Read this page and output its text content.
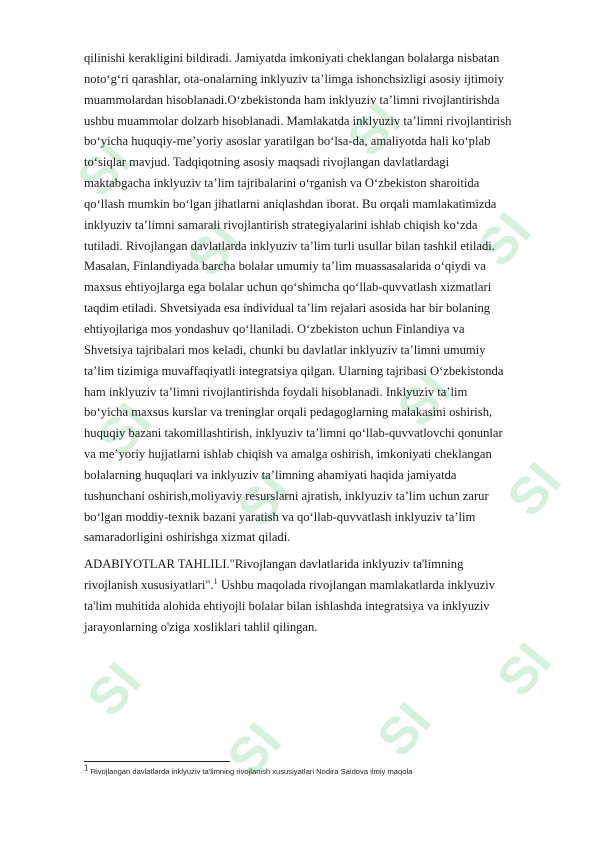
SI
SI
SI
SI
SI
SI
SI
SI
SI
SI SI
SI

qilinishi kerakligini bildiradi. Jamiyatda imkoniyati cheklangan bolalarga nisbatan noto‘g‘ri qarashlar, ota-onalarning inklyuziv ta’limga ishonchsizligi asosiy ijtimoiy muammolardan hisoblanadi.O‘zbekistonda ham inklyuziv ta’limni rivojlantirishda ushbu muammolar dolzarb hisoblanadi. Mamlakatda inklyuziv ta’limni rivojlantirish bo‘yicha huquqiy-me’yoriy asoslar yaratilgan bo‘lsa-da, amaliyotda hali ko‘plab to‘siqlar mavjud. Tadqiqotning asosiy maqsadi rivojlangan davlatlardagi maktabgacha inklyuziv ta’lim tajribalarini o‘rganish va O‘zbekiston sharoitida qo‘llash mumkin bo‘lgan jihatlarni aniqlashdan iborat. Bu orqali mamlakatimizda inklyuziv ta’limni samarali rivojlantirish strategiyalarini ishlab chiqish ko‘zda tutiladi. Rivojlangan davlatlarda inklyuziv ta’lim turli usullar bilan tashkil etiladi. Masalan, Finlandiyada barcha bolalar umumiy ta’lim muassasalarida o‘qiydi va maxsus ehtiyojlarga ega bolalar uchun qo‘shimcha qo‘llab-quvvatlash xizmatlari taqdim etiladi. Shvetsiyada esa individual ta’lim rejalari asosida har bir bolaning ehtiyojlariga mos yondashuv qo‘llaniladi. O‘zbekiston uchun Finlandiya va Shvetsiya tajribalari mos keladi, chunki bu davlatlar inklyuziv ta’limni umumiy ta’lim tizimiga muvaffaqiyatli integratsiya qilgan. Ularning tajribasi O‘zbekistonda ham inklyuziv ta’limni rivojlantirishda foydali hisoblanadi. Inklyuziv ta’lim bo‘yicha maxsus kurslar va treninglar orqali pedagoglarning malakasini oshirish, huquqiy bazani takomillashtirish, inklyuziv ta’limni qo‘llab-quvvatlovchi qonunlar va me’yoriy hujjatlarni ishlab chiqish va amalga oshirish, imkoniyati cheklangan bolalarning huquqlari va inklyuziv ta’limning ahamiyati haqida jamiyatda tushunchani oshirish,moliyaviy resurslarni ajratish, inklyuziv ta’lim uchun zarur bo‘lgan moddiy-texnik bazani yaratish va qo‘llab-quvvatlash inklyuziv ta’lim samaradorligini oshirishga xizmat qiladi.

ADABIYOTLAR TAHLILI."Rivojlangan davlatlarida inklyuziv ta'limning rivojlanish xususiyatlari".$^1$ Ushbu maqolada rivojlangan mamlakatlarda inklyuziv ta'lim muhitida alohida ehtiyojli bolalar bilan ishlashda integratsiya va inklyuziv jarayonlarning o'ziga xosliklari tahlil qilingan.

$^1$ Rivojlangan davlatlarda inklyuziv ta'limning rivojlanish xususiyatlari Nodira Saidova ilmiy maqola
